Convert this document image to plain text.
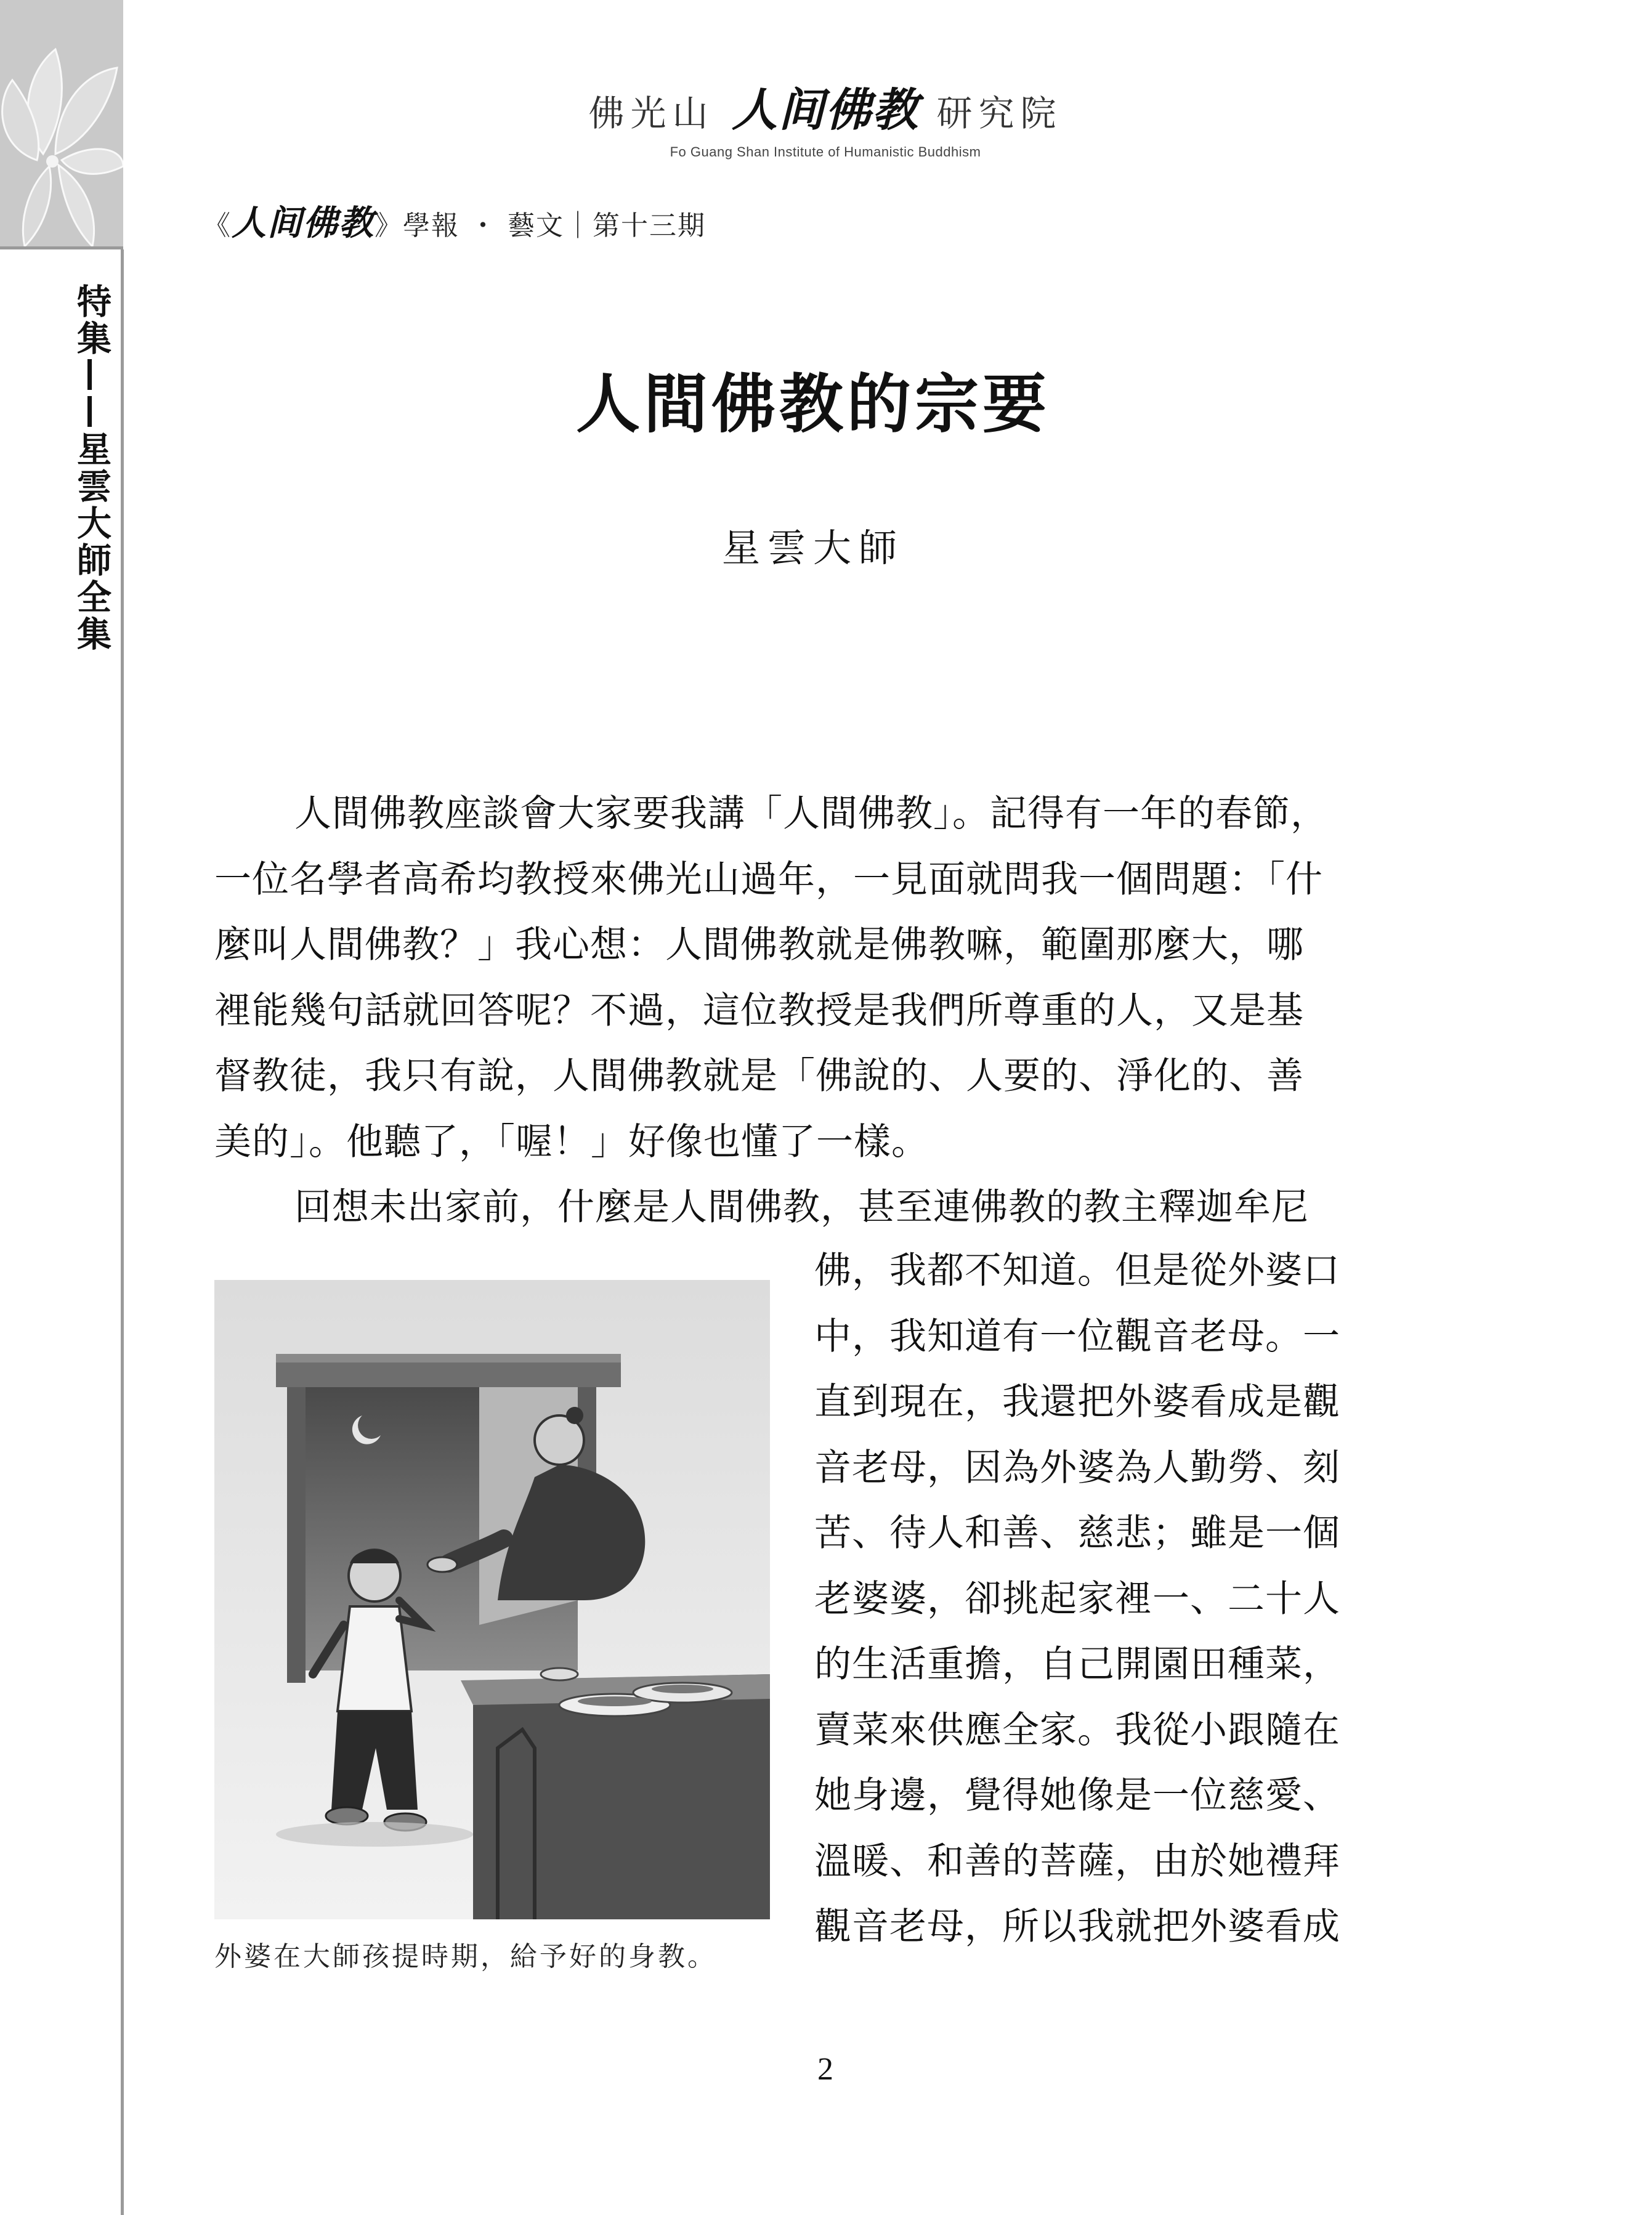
特集——星雲大師全集
佛光山 人间佛教 研究院
Fo Guang Shan Institute of Humanistic Buddhism
《人间佛教》學報 ・ 藝文｜第十三期
人間佛教的宗要
星雲大師
人間佛教座談會大家要我講「人間佛教」。記得有一年的春節，
一位名學者高希均教授來佛光山過年，一見面就問我一個問題：「什
麼叫人間佛教？」我心想：人間佛教就是佛教嘛，範圍那麼大，哪
裡能幾句話就回答呢？不過，這位教授是我們所尊重的人，又是基
督教徒，我只有說，人間佛教就是「佛說的、人要的、淨化的、善
美的」。他聽了，「喔！」好像也懂了一樣。
回想未出家前，什麼是人間佛教，甚至連佛教的教主釋迦牟尼
佛，我都不知道。但是從外婆口
中，我知道有一位觀音老母。一
直到現在，我還把外婆看成是觀
音老母，因為外婆為人勤勞、刻
苦、待人和善、慈悲；雖是一個
老婆婆，卻挑起家裡一、二十人
的生活重擔，自己開園田種菜，
賣菜來供應全家。我從小跟隨在
她身邊，覺得她像是一位慈愛、
溫暖、和善的菩薩，由於她禮拜
觀音老母，所以我就把外婆看成
外婆在大師孩提時期，給予好的身教。
2
